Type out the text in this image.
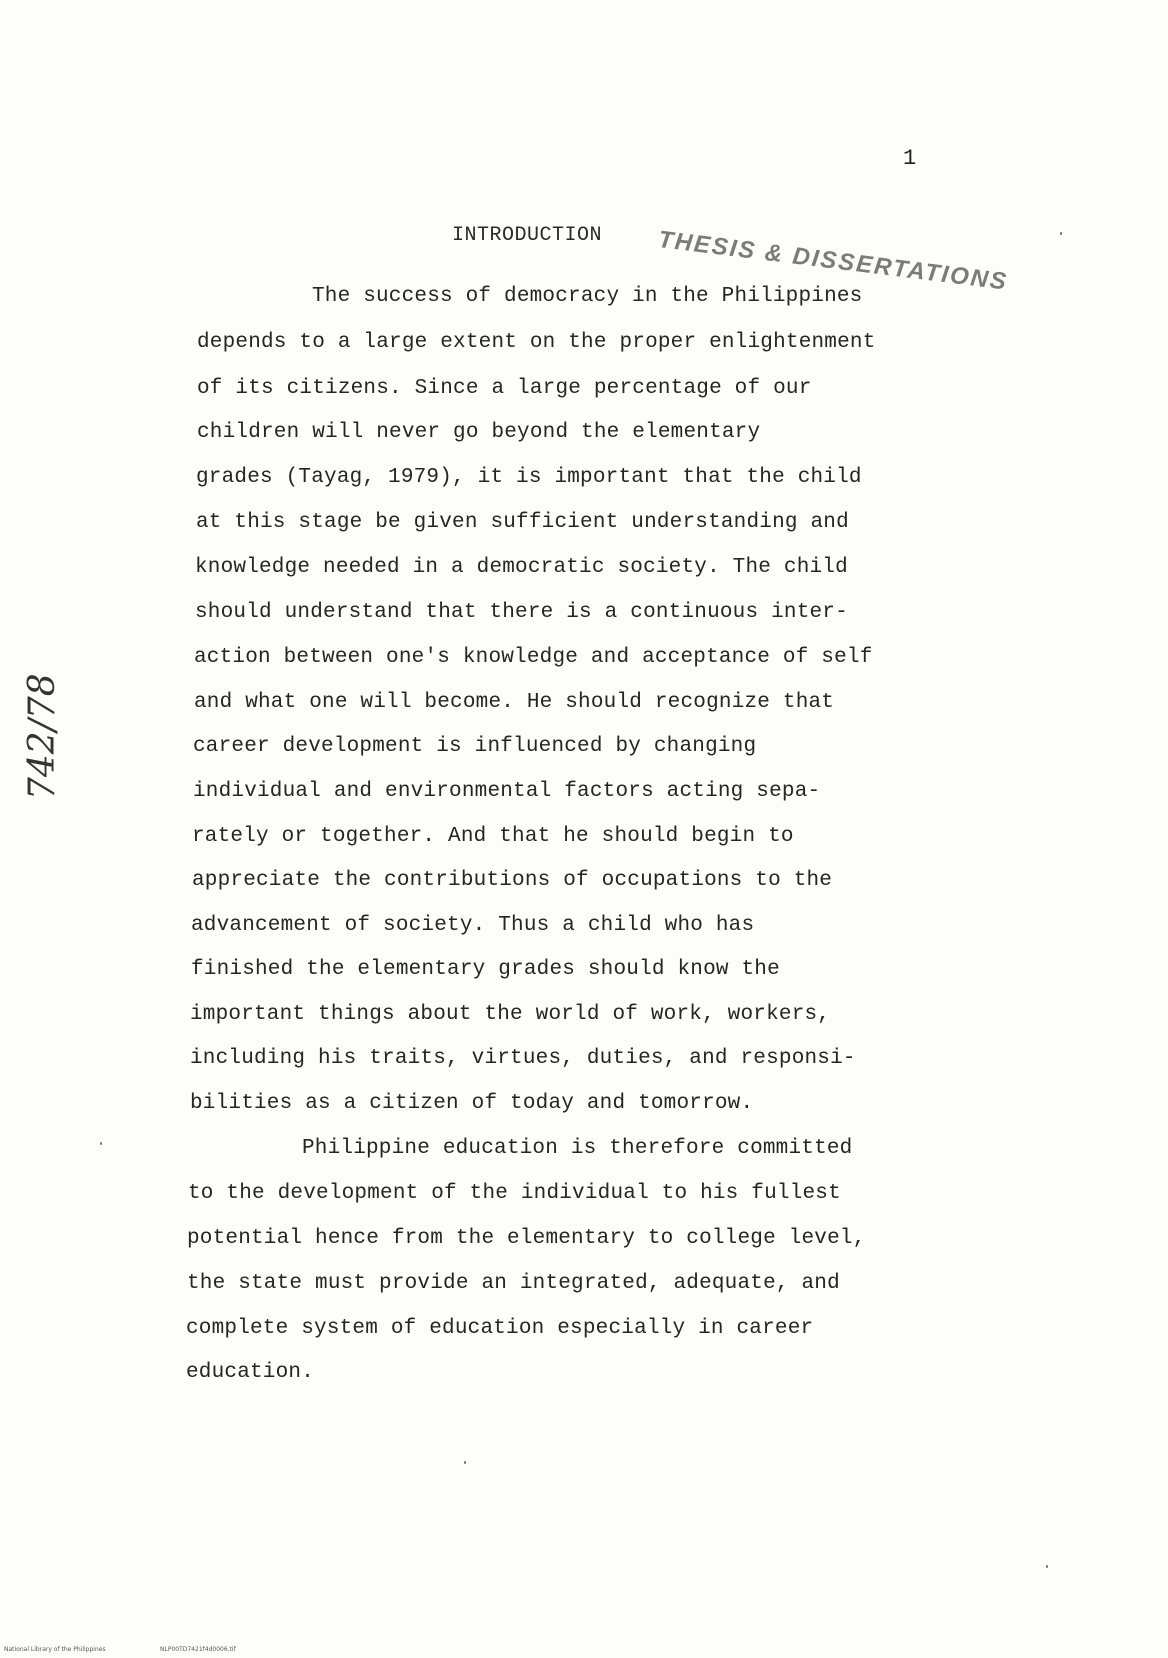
1
INTRODUCTION THESIS & DISSERTATIONS
742/78
The success of democracy in the Philippines
depends to a large extent on the proper enlightenment
of its citizens. Since a large percentage of our
children will never go beyond the elementary
grades (Tayag, 1979), it is important that the child
at this stage be given sufficient understanding and
knowledge needed in a democratic society. The child
should understand that there is a continuous inter-
action between one's knowledge and acceptance of self
and what one will become. He should recognize that
career development is influenced by changing
individual and environmental factors acting sepa-
rately or together. And that he should begin to
appreciate the contributions of occupations to the
advancement of society. Thus a child who has
finished the elementary grades should know the
important things about the world of work, workers,
including his traits, virtues, duties, and responsi-
bilities as a citizen of today and tomorrow.
Philippine education is therefore committed
to the development of the individual to his fullest
potential hence from the elementary to college level,
the state must provide an integrated, adequate, and
complete system of education especially in career
education.
National Library of the Philippines	NLP00TD7421f4d0006.tif
